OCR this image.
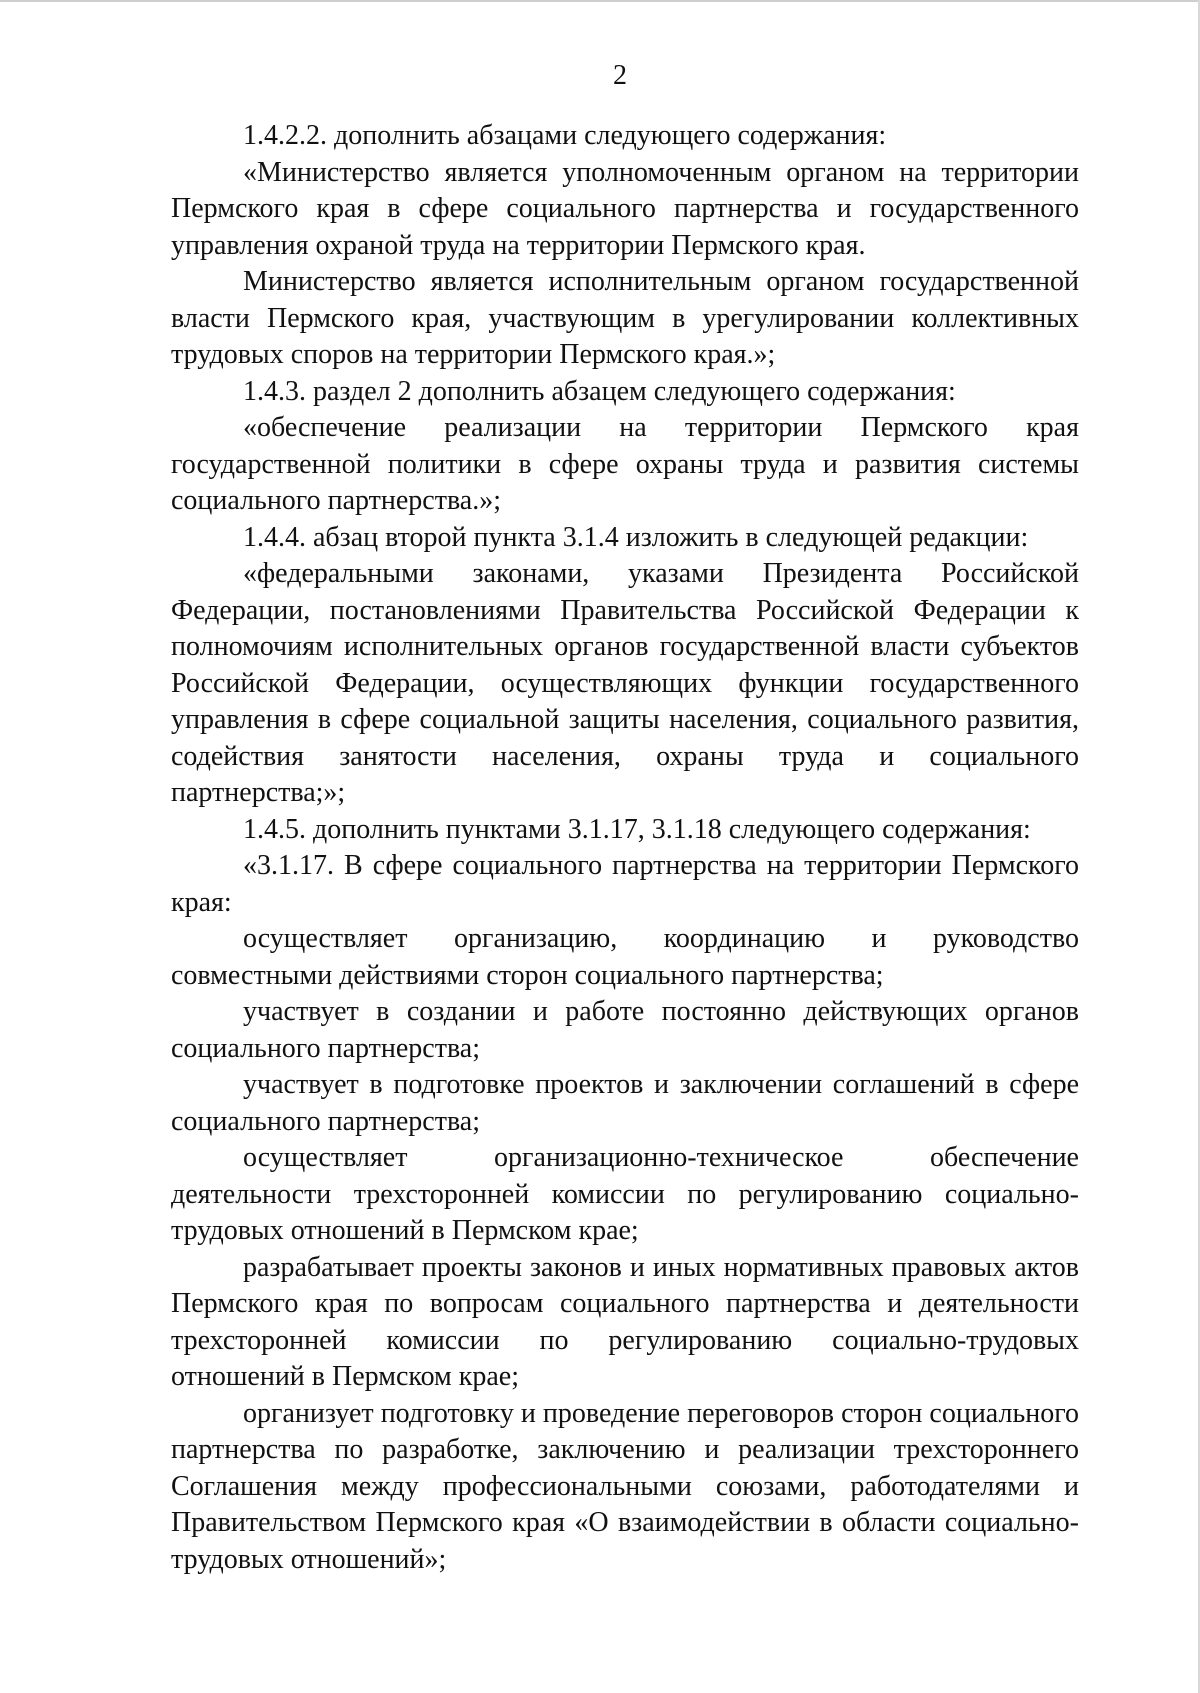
2

1.4.2.2. дополнить абзацами следующего содержания:

«Министерство является уполномоченным органом на территории Пермского края в сфере социального партнерства и государственного управления охраной труда на территории Пермского края.

Министерство является исполнительным органом государственной власти Пермского края, участвующим в урегулировании коллективных трудовых споров на территории Пермского края.»;

1.4.3. раздел 2 дополнить абзацем следующего содержания:

«обеспечение реализации на территории Пермского края государственной политики в сфере охраны труда и развития системы социального партнерства.»;

1.4.4. абзац второй пункта 3.1.4 изложить в следующей редакции:

«федеральными законами, указами Президента Российской Федерации, постановлениями Правительства Российской Федерации к полномочиям исполнительных органов государственной власти субъектов Российской Федерации, осуществляющих функции государственного управления в сфере социальной защиты населения, социального развития, содействия занятости населения, охраны труда и социального партнерства;»;

1.4.5. дополнить пунктами 3.1.17, 3.1.18 следующего содержания:

«3.1.17. В сфере социального партнерства на территории Пермского края:

осуществляет организацию, координацию и руководство совместными действиями сторон социального партнерства;

участвует в создании и работе постоянно действующих органов социального партнерства;

участвует в подготовке проектов и заключении соглашений в сфере социального партнерства;

осуществляет организационно-техническое обеспечение деятельности трехсторонней комиссии по регулированию социально-трудовых отношений в Пермском крае;

разрабатывает проекты законов и иных нормативных правовых актов Пермского края по вопросам социального партнерства и деятельности трехсторонней комиссии по регулированию социально-трудовых отношений в Пермском крае;

организует подготовку и проведение переговоров сторон социального партнерства по разработке, заключению и реализации трехстороннего Соглашения между профессиональными союзами, работодателями и Правительством Пермского края «О взаимодействии в области социально-трудовых отношений»;
